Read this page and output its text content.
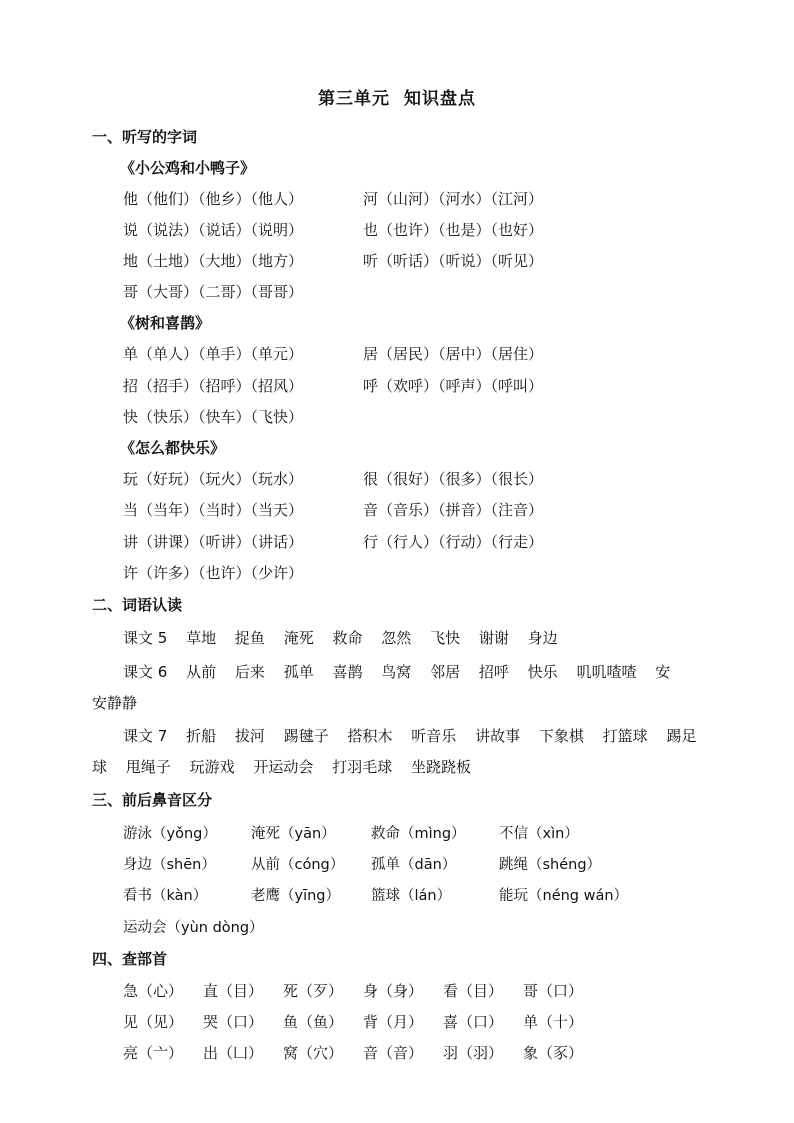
第三单元 知识盘点
一、听写的字词
《小公鸡和小鸭子》
他（他们）（他乡）（他人）	河（山河）（河水）（江河）
说（说法）（说话）（说明）	也（也许）（也是）（也好）
地（土地）（大地）（地方）	听（听话）（听说）（听见）
哥（大哥）（二哥）（哥哥）
《树和喜鹊》
单（单人）（单手）（单元）	居（居民）（居中）（居住）
招（招手）（招呼）（招风）	呼（欢呼）（呼声）（呼叫）
快（快乐）（快车）（飞快）
《怎么都快乐》
玩（好玩）（玩火）（玩水）	很（很好）（很多）（很长）
当（当年）（当时）（当天）	音（音乐）（拼音）（注音）
讲（讲课）（听讲）（讲话）	行（行人）（行动）（行走）
许（许多）（也许）（少许）
二、词语认读
课文 5 草地 捉鱼 淹死 救命 忽然 飞快 谢谢 身边
课文 6 从前 后来 孤单 喜鹊 鸟窝 邻居 招呼 快乐 叽叽喳喳 安
安静静
课文 7 折船 拔河 踢毽子 搭积木 听音乐 讲故事 下象棋 打篮球 踢足
球 甩绳子 玩游戏 开运动会 打羽毛球 坐跷跷板
三、前后鼻音区分
游泳（yǒng） 淹死（yān） 救命（mìng） 不信（xìn）
身边（shēn） 从前（cóng） 孤单（dān）	跳绳（shéng）
看书（kàn）	老鹰（yīng） 篮球（lán）	能玩（néng wán）
运动会（yùn dòng）
四、查部首
急（心） 直（目） 死（歹） 身（身） 看（目） 哥（口）
见（见） 哭（口） 鱼（鱼） 背（月） 喜（口） 单（十）
亮（亠） 出（凵） 窝（穴） 音（音） 羽（羽） 象（豕）
